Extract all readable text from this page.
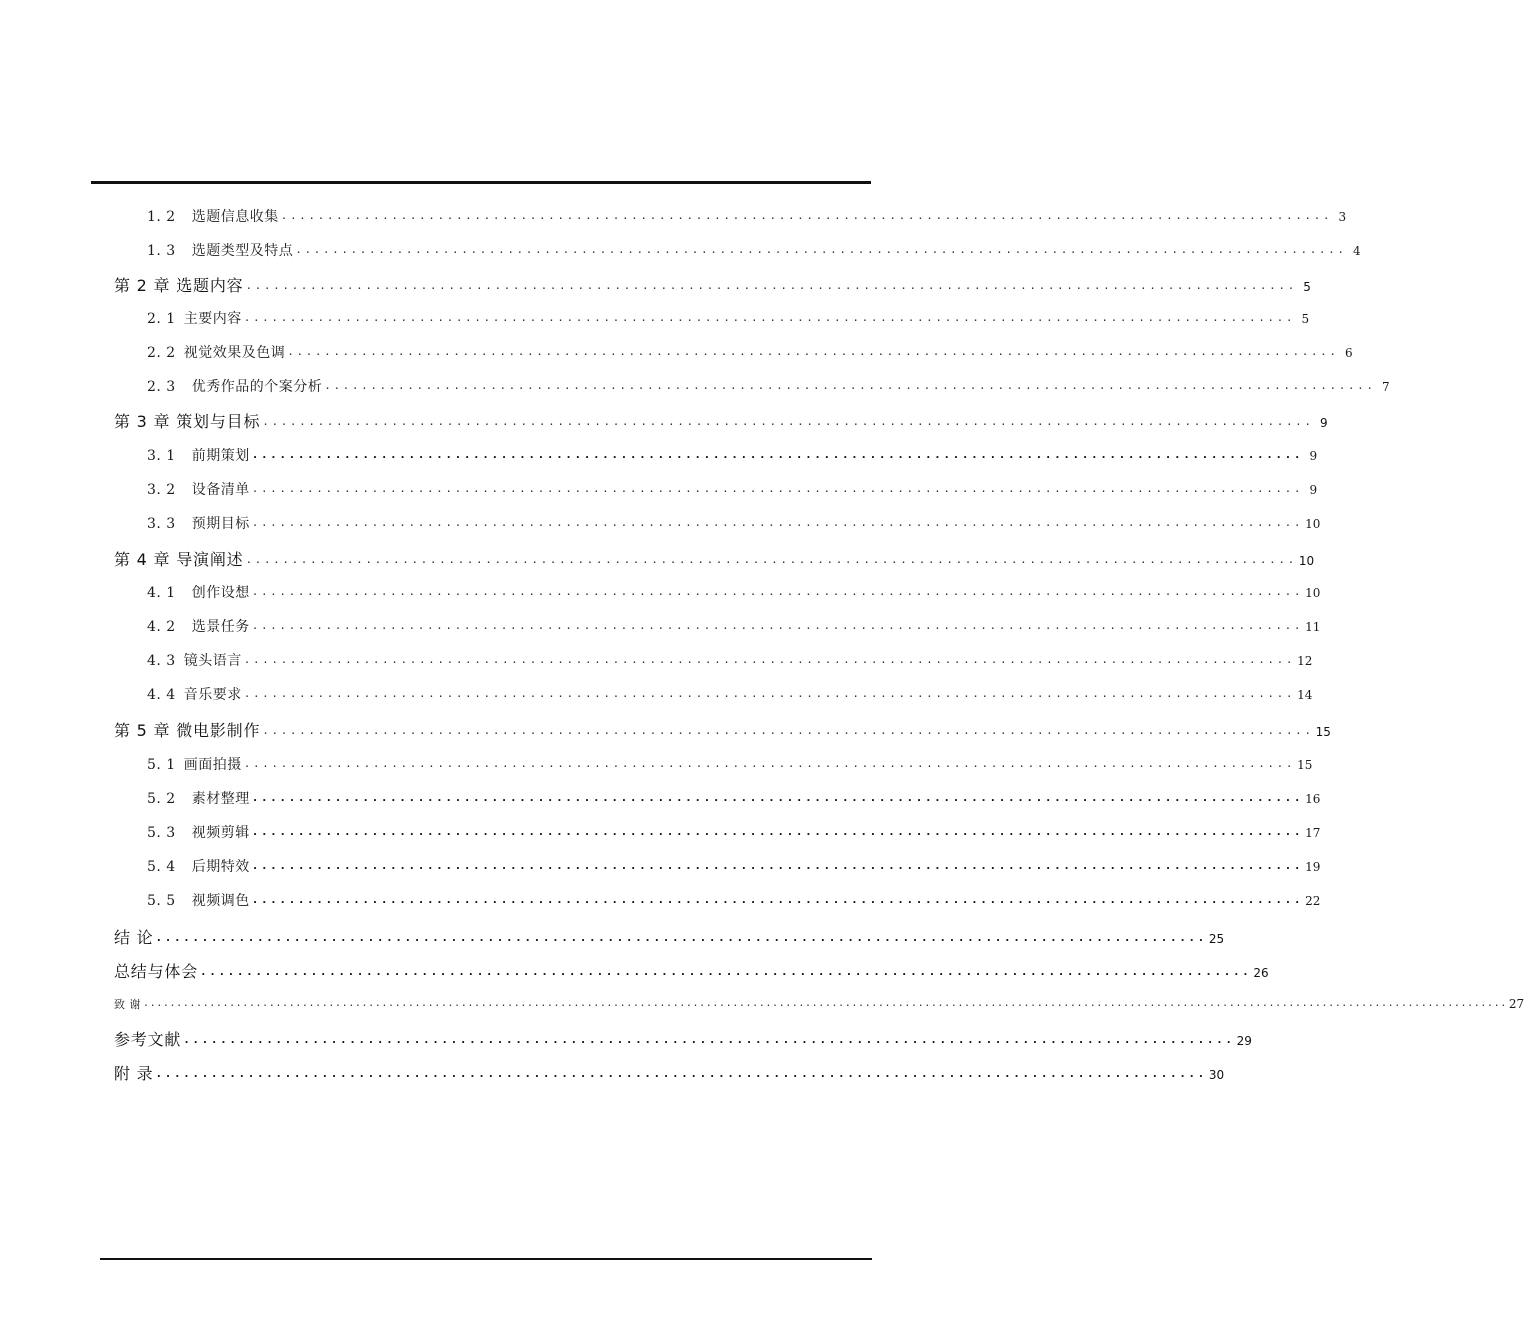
1. 2 选题信息收集 .................................................................................................................. 3
1. 3 选题类型及特点 .................................................................................................................. 4
第 2 章 选题内容 .................................................................................................................. 5
2. 1 主要内容 .................................................................................................................. 5
2. 2 视觉效果及色调 .................................................................................................................. 6
2. 3 优秀作品的个案分析 .................................................................................................................. 7
第 3 章 策划与目标 .................................................................................................................. 9
3. 1 前期策划 .................................................................................................................. 9
3. 2 设备清单 .................................................................................................................. 9
3. 3 预期目标 .................................................................................................................. 10
第 4 章 导演阐述 .................................................................................................................. 10
4. 1 创作设想 .................................................................................................................. 10
4. 2 选景任务 .................................................................................................................. 11
4. 3 镜头语言 .................................................................................................................. 12
4. 4 音乐要求 .................................................................................................................. 14
第 5 章 微电影制作 .................................................................................................................. 15
5. 1 画面拍摄 .................................................................................................................. 15
5. 2 素材整理 .................................................................................................................. 16
5. 3 视频剪辑 .................................................................................................................. 17
5. 4 后期特效 .................................................................................................................. 19
5. 5 视频调色 .................................................................................................................. 22
结 论 .................................................................................................................. 25
总结与体会 .................................................................................................................. 26
致 谢 .............................................................................................................................................................................................................. 27
参考文献 .................................................................................................................. 29
附 录 .................................................................................................................. 30
